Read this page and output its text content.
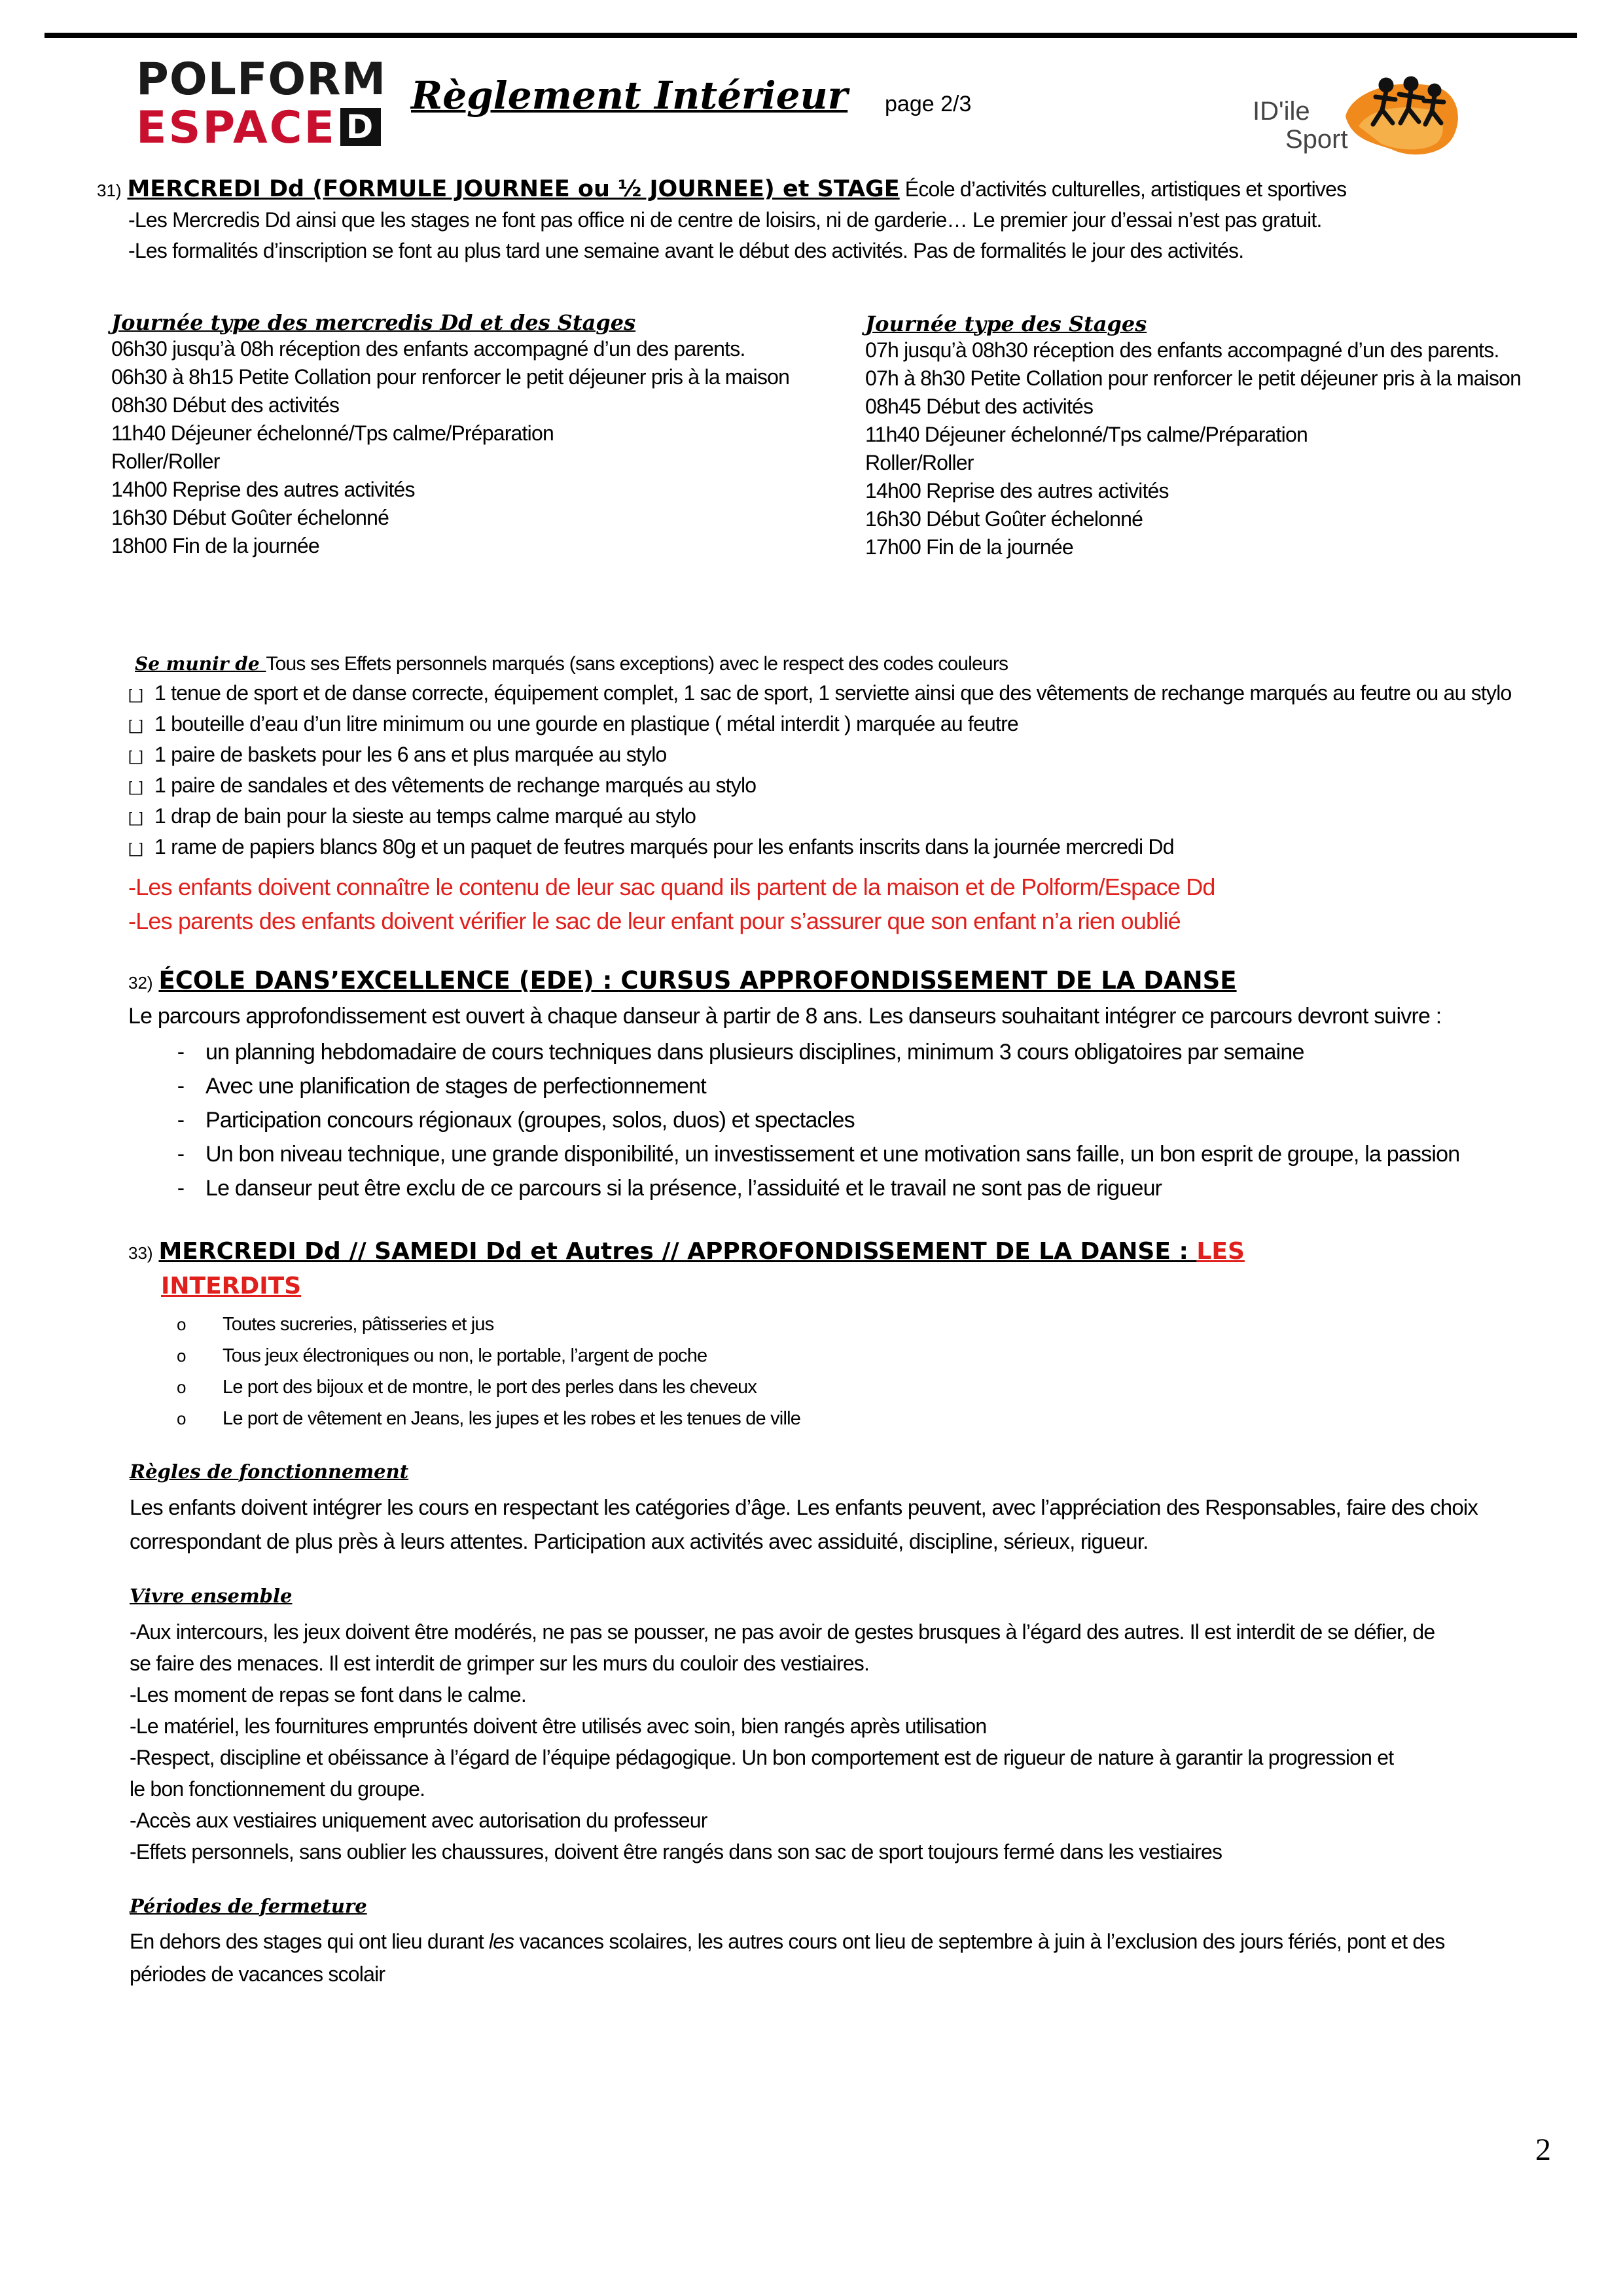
POLFORM
ESPACE D
Règlement Intérieur page 2/3	ID'ile
Sport
31) MERCREDI Dd (FORMULE JOURNEE ou ½ JOURNEE) et STAGE École d’activités culturelles, artistiques et sportives
-Les Mercredis Dd ainsi que les stages ne font pas office ni de centre de loisirs, ni de garderie… Le premier jour d’essai n’est pas gratuit.
-Les formalités d’inscription se font au plus tard une semaine avant le début des activités. Pas de formalités le jour des activités.
Journée type des mercredis Dd et des Stages
06h30 jusqu’à 08h réception des enfants accompagné d’un des parents.
06h30 à 8h15 Petite Collation pour renforcer le petit déjeuner pris à la maison
08h30 Début des activités
11h40 Déjeuner échelonné/Tps calme/Préparation
Roller/Roller
14h00 Reprise des autres activités
16h30 Début Goûter échelonné
18h00 Fin de la journée
Journée type des Stages
07h jusqu’à 08h30 réception des enfants accompagné d’un des parents.
07h à 8h30 Petite Collation pour renforcer le petit déjeuner pris à la maison
08h45 Début des activités
11h40 Déjeuner échelonné/Tps calme/Préparation
Roller/Roller
14h00 Reprise des autres activités
16h30 Début Goûter échelonné
17h00 Fin de la journée
Se munir de Tous ses Effets personnels marqués (sans exceptions) avec le respect des codes couleurs
[_] 1 tenue de sport et de danse correcte, équipement complet, 1 sac de sport, 1 serviette ainsi que des vêtements de rechange marqués au feutre ou au stylo
[_] 1 bouteille d’eau d’un litre minimum ou une gourde en plastique ( métal interdit ) marquée au feutre
[_] 1 paire de baskets pour les 6 ans et plus marquée au stylo
[_] 1 paire de sandales et des vêtements de rechange marqués au stylo
[_] 1 drap de bain pour la sieste au temps calme marqué au stylo
[_] 1 rame de papiers blancs 80g et un paquet de feutres marqués pour les enfants inscrits dans la journée mercredi Dd
-Les enfants doivent connaître le contenu de leur sac quand ils partent de la maison et de Polform/Espace Dd
-Les parents des enfants doivent vérifier le sac de leur enfant pour s’assurer que son enfant n’a rien oublié
32) ÉCOLE DANS’EXCELLENCE (EDE) : CURSUS APPROFONDISSEMENT DE LA DANSE
Le parcours approfondissement est ouvert à chaque danseur à partir de 8 ans. Les danseurs souhaitant intégrer ce parcours devront suivre :
- un planning hebdomadaire de cours techniques dans plusieurs disciplines, minimum 3 cours obligatoires par semaine
- Avec une planification de stages de perfectionnement
- Participation concours régionaux (groupes, solos, duos) et spectacles
- Un bon niveau technique, une grande disponibilité, un investissement et une motivation sans faille, un bon esprit de groupe, la passion
- Le danseur peut être exclu de ce parcours si la présence, l’assiduité et le travail ne sont pas de rigueur
33) MERCREDI Dd // SAMEDI Dd et Autres // APPROFONDISSEMENT DE LA DANSE : LES
INTERDITS
o Toutes sucreries, pâtisseries et jus
o Tous jeux électroniques ou non, le portable, l’argent de poche
o Le port des bijoux et de montre, le port des perles dans les cheveux
o Le port de vêtement en Jeans, les jupes et les robes et les tenues de ville
Règles de fonctionnement
Les enfants doivent intégrer les cours en respectant les catégories d’âge. Les enfants peuvent, avec l’appréciation des Responsables, faire des choix
correspondant de plus près à leurs attentes. Participation aux activités avec assiduité, discipline, sérieux, rigueur.
Vivre ensemble
-Aux intercours, les jeux doivent être modérés, ne pas se pousser, ne pas avoir de gestes brusques à l’égard des autres. Il est interdit de se défier, de
se faire des menaces. Il est interdit de grimper sur les murs du couloir des vestiaires.
-Les moment de repas se font dans le calme.
-Le matériel, les fournitures empruntés doivent être utilisés avec soin, bien rangés après utilisation
-Respect, discipline et obéissance à l’égard de l’équipe pédagogique. Un bon comportement est de rigueur de nature à garantir la progression et
le bon fonctionnement du groupe.
-Accès aux vestiaires uniquement avec autorisation du professeur
-Effets personnels, sans oublier les chaussures, doivent être rangés dans son sac de sport toujours fermé dans les vestiaires
Périodes de fermeture
En dehors des stages qui ont lieu durant les vacances scolaires, les autres cours ont lieu de septembre à juin à l’exclusion des jours fériés, pont et des
périodes de vacances scolair
2
